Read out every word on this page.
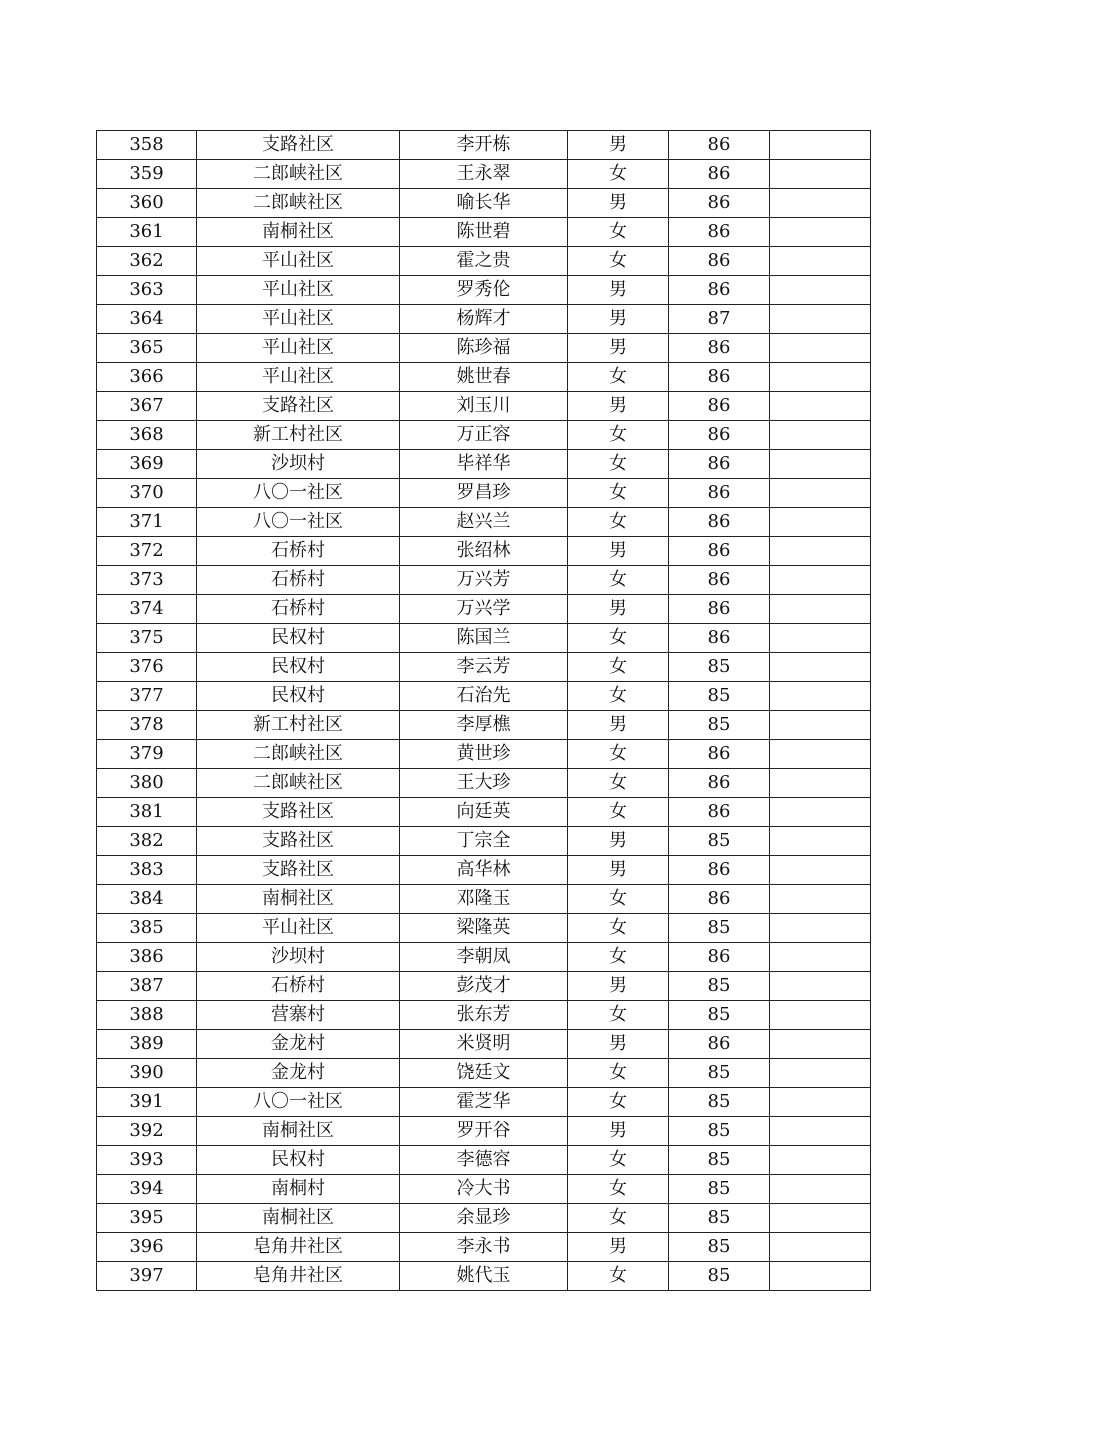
358	支路社区	李开栋	男	86	
359	二郎峡社区	王永翠	女	86	
360	二郎峡社区	喻长华	男	86	
361	南桐社区	陈世碧	女	86	
362	平山社区	霍之贵	女	86	
363	平山社区	罗秀伦	男	86	
364	平山社区	杨辉才	男	87	
365	平山社区	陈珍福	男	86	
366	平山社区	姚世春	女	86	
367	支路社区	刘玉川	男	86	
368	新工村社区	万正容	女	86	
369	沙坝村	毕祥华	女	86	
370	八〇一社区	罗昌珍	女	86	
371	八〇一社区	赵兴兰	女	86	
372	石桥村	张绍林	男	86	
373	石桥村	万兴芳	女	86	
374	石桥村	万兴学	男	86	
375	民权村	陈国兰	女	86	
376	民权村	李云芳	女	85	
377	民权村	石治先	女	85	
378	新工村社区	李厚樵	男	85	
379	二郎峡社区	黄世珍	女	86	
380	二郎峡社区	王大珍	女	86	
381	支路社区	向廷英	女	86	
382	支路社区	丁宗全	男	85	
383	支路社区	高华林	男	86	
384	南桐社区	邓隆玉	女	86	
385	平山社区	梁隆英	女	85	
386	沙坝村	李朝凤	女	86	
387	石桥村	彭茂才	男	85	
388	营寨村	张东芳	女	85	
389	金龙村	米贤明	男	86	
390	金龙村	饶廷文	女	85	
391	八〇一社区	霍芝华	女	85	
392	南桐社区	罗开谷	男	85	
393	民权村	李德容	女	85	
394	南桐村	冷大书	女	85	
395	南桐社区	余显珍	女	85	
396	皂角井社区	李永书	男	85	
397	皂角井社区	姚代玉	女	85	
